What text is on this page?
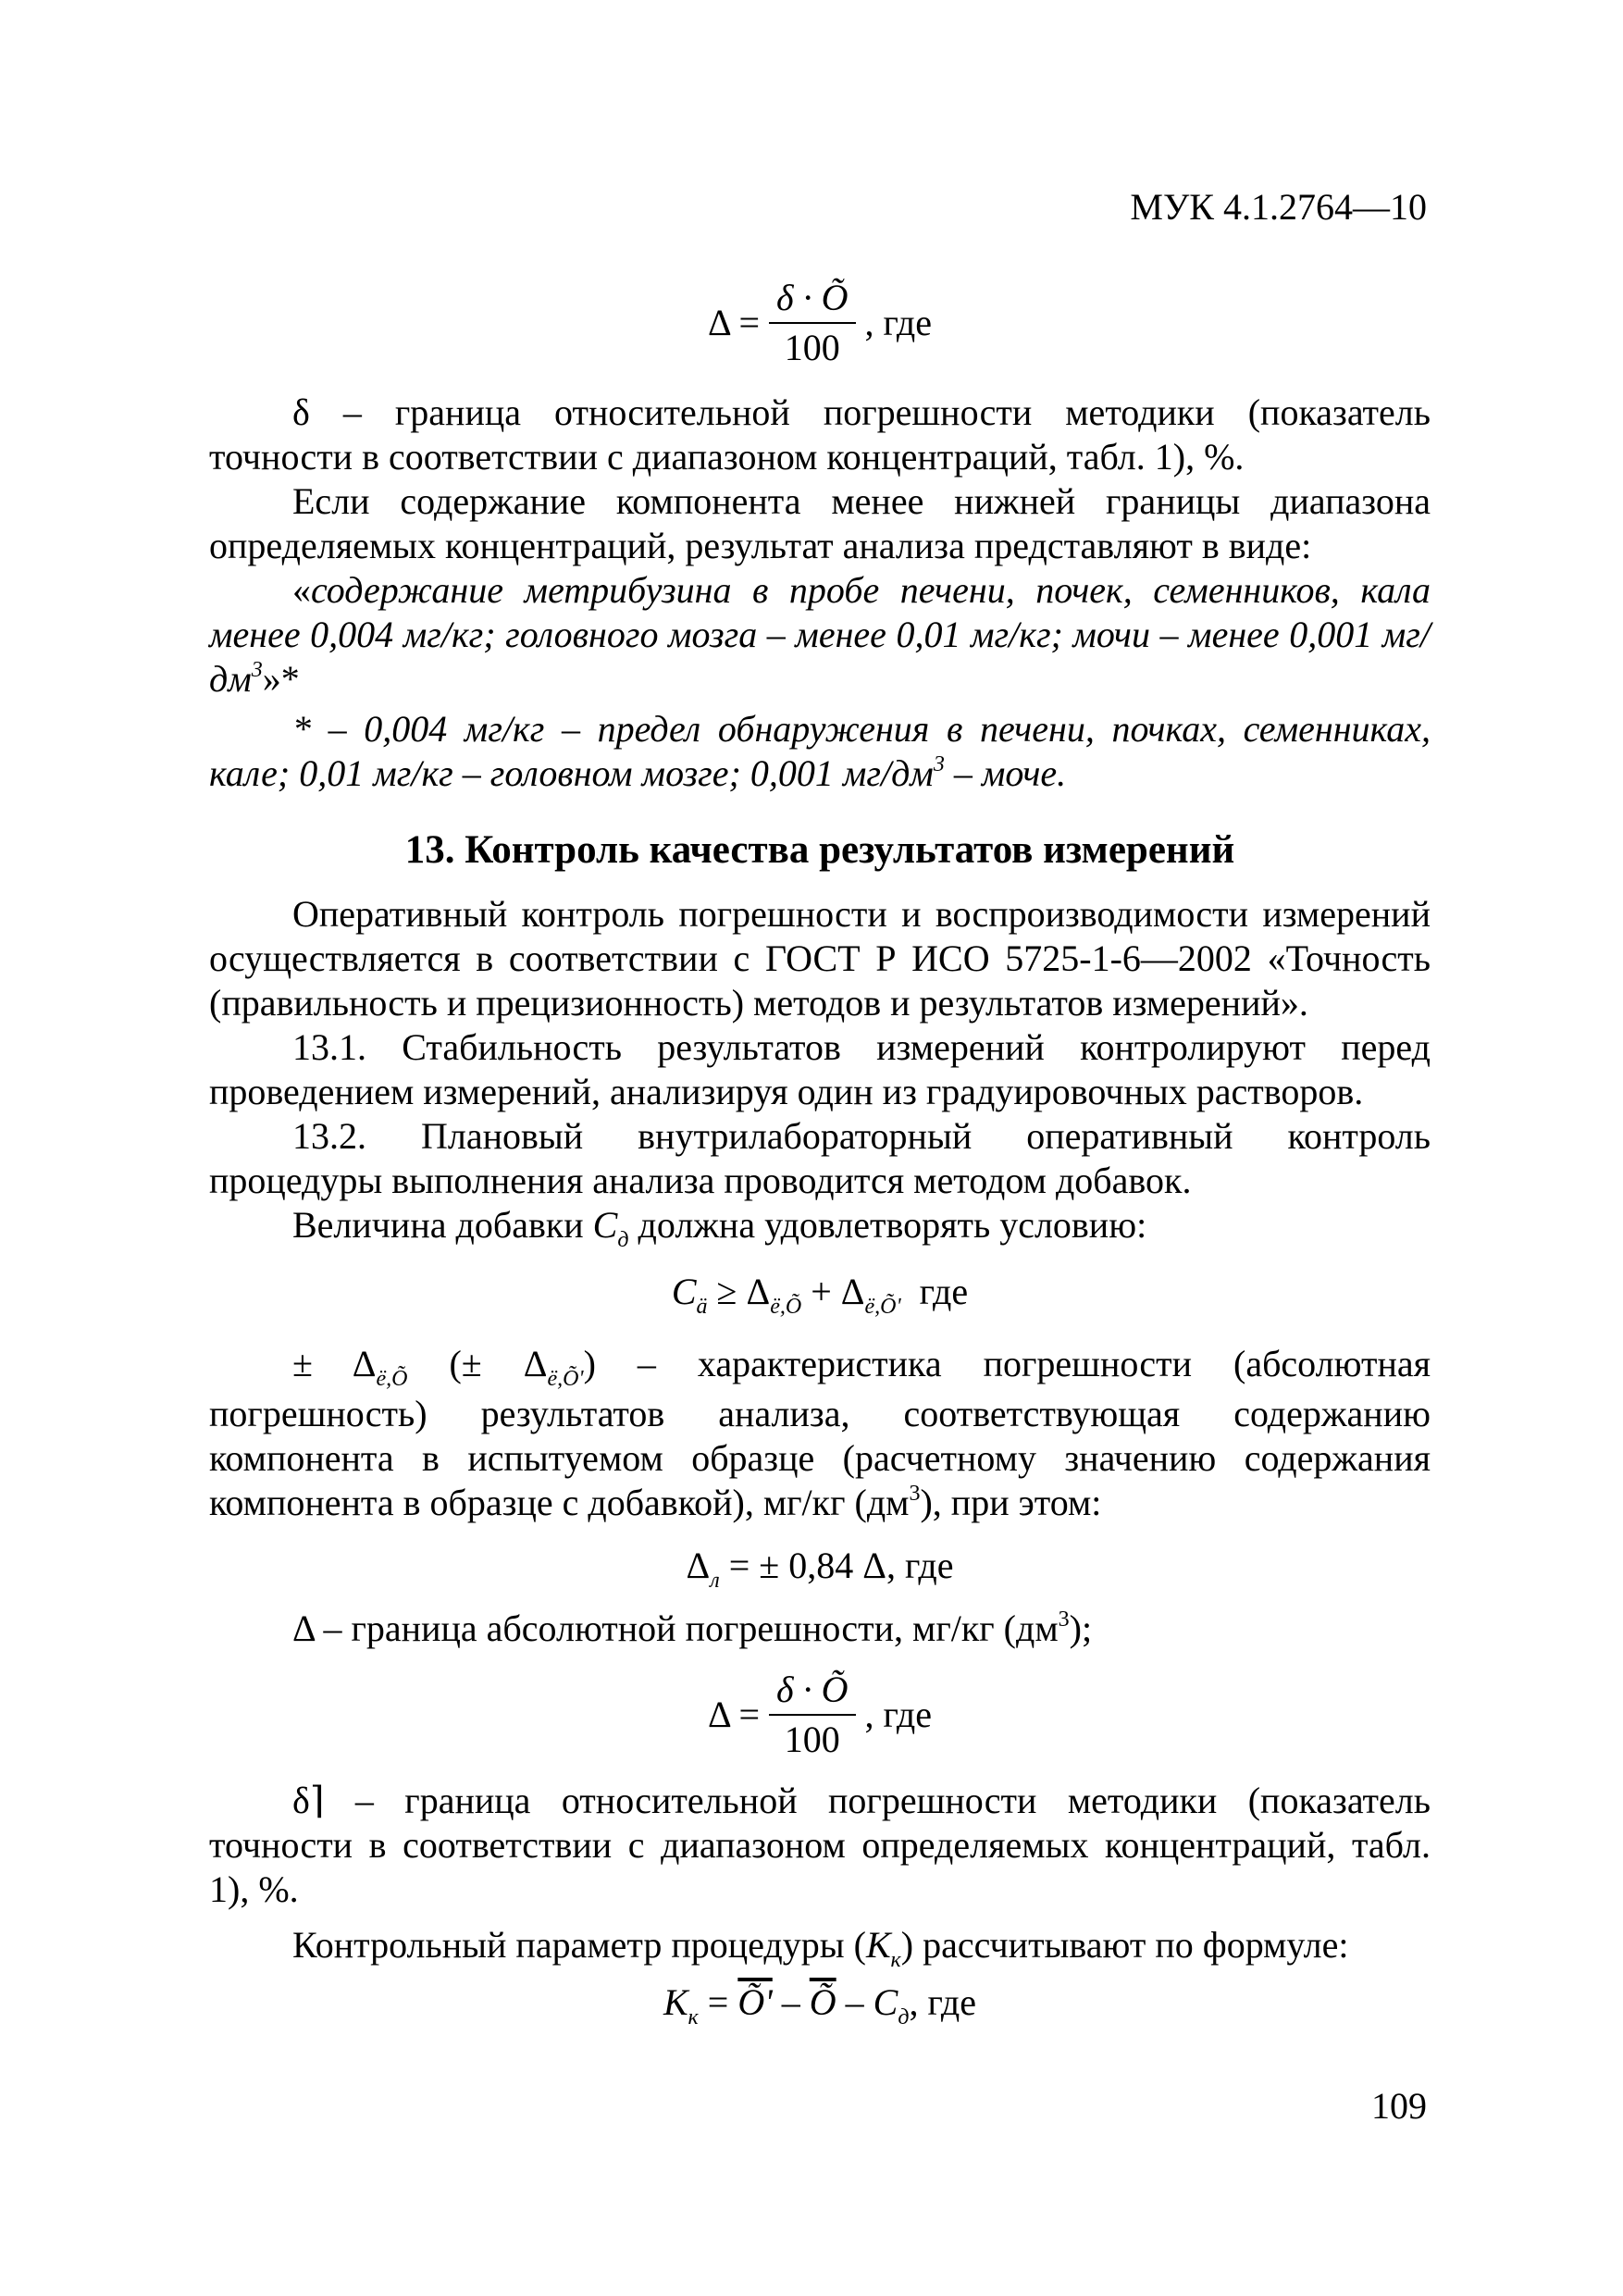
МУК 4.1.2764—10
$\Delta = \frac{\delta \cdot Õ}{100}$ , где

δ – граница относительной погрешности методики (показатель точности в соответствии с диапазоном концентраций, табл. 1), %.

Если содержание компонента менее нижней границы диапазона определяемых концентраций, результат анализа представляют в виде:

«содержание метрибузина в пробе печени, почек, семенников, кала менее 0,004 мг/кг; головного мозга – менее 0,01 мг/кг; мочи – менее 0,001 $мг/дм^3»*$

* – 0,004 мг/кг – предел обнаружения в печени, почках, семенниках, кале; 0,01 мг/кг – головном мозге; 0,001 $мг/дм^3$ – моче.

13. Контроль качества результатов измерений

Оперативный контроль погрешности и воспроизводимости измерений осуществляется в соответствии с ГОСТ Р ИСО 5725-1-6—2002 «Точность (правильность и прецизионность) методов и результатов измерений».

13.1. Стабильность результатов измерений контролируют перед проведением измерений, анализируя один из градуировочных растворов.

13.2. Плановый внутрилабораторный оперативный контроль процедуры выполнения анализа проводится методом добавок.

Величина добавки $C_д$ должна удовлетворять условию:

$C_ä \ge \Delta_{ë,Õ} + \Delta_{ë,Õ'}$  где

± $\Delta_{ë,Õ}$ (± $\Delta_{ë,Õ'}$) – характеристика погрешности (абсолютная погрешность) результатов анализа, соответствующая содержанию компонента в испытуемом образце (расчетному значению содержания компонента в образце с добавкой), мг/кг $(дм^3)$, при этом:

$\Delta_л$ = ± 0,84 Δ, где

Δ – граница абсолютной погрешности, мг/кг $(дм^3)$;

$\Delta = \frac{\delta \cdot Õ}{100}$ , где

δ⌉ – граница относительной погрешности методики (показатель точности в соответствии с диапазоном определяемых концентраций, табл. 1), %.

Контрольный параметр процедуры $(К_к)$ рассчитывают по формуле:

$К_к$ = Õ' – $\overline{Õ} - C_д$, где
109
